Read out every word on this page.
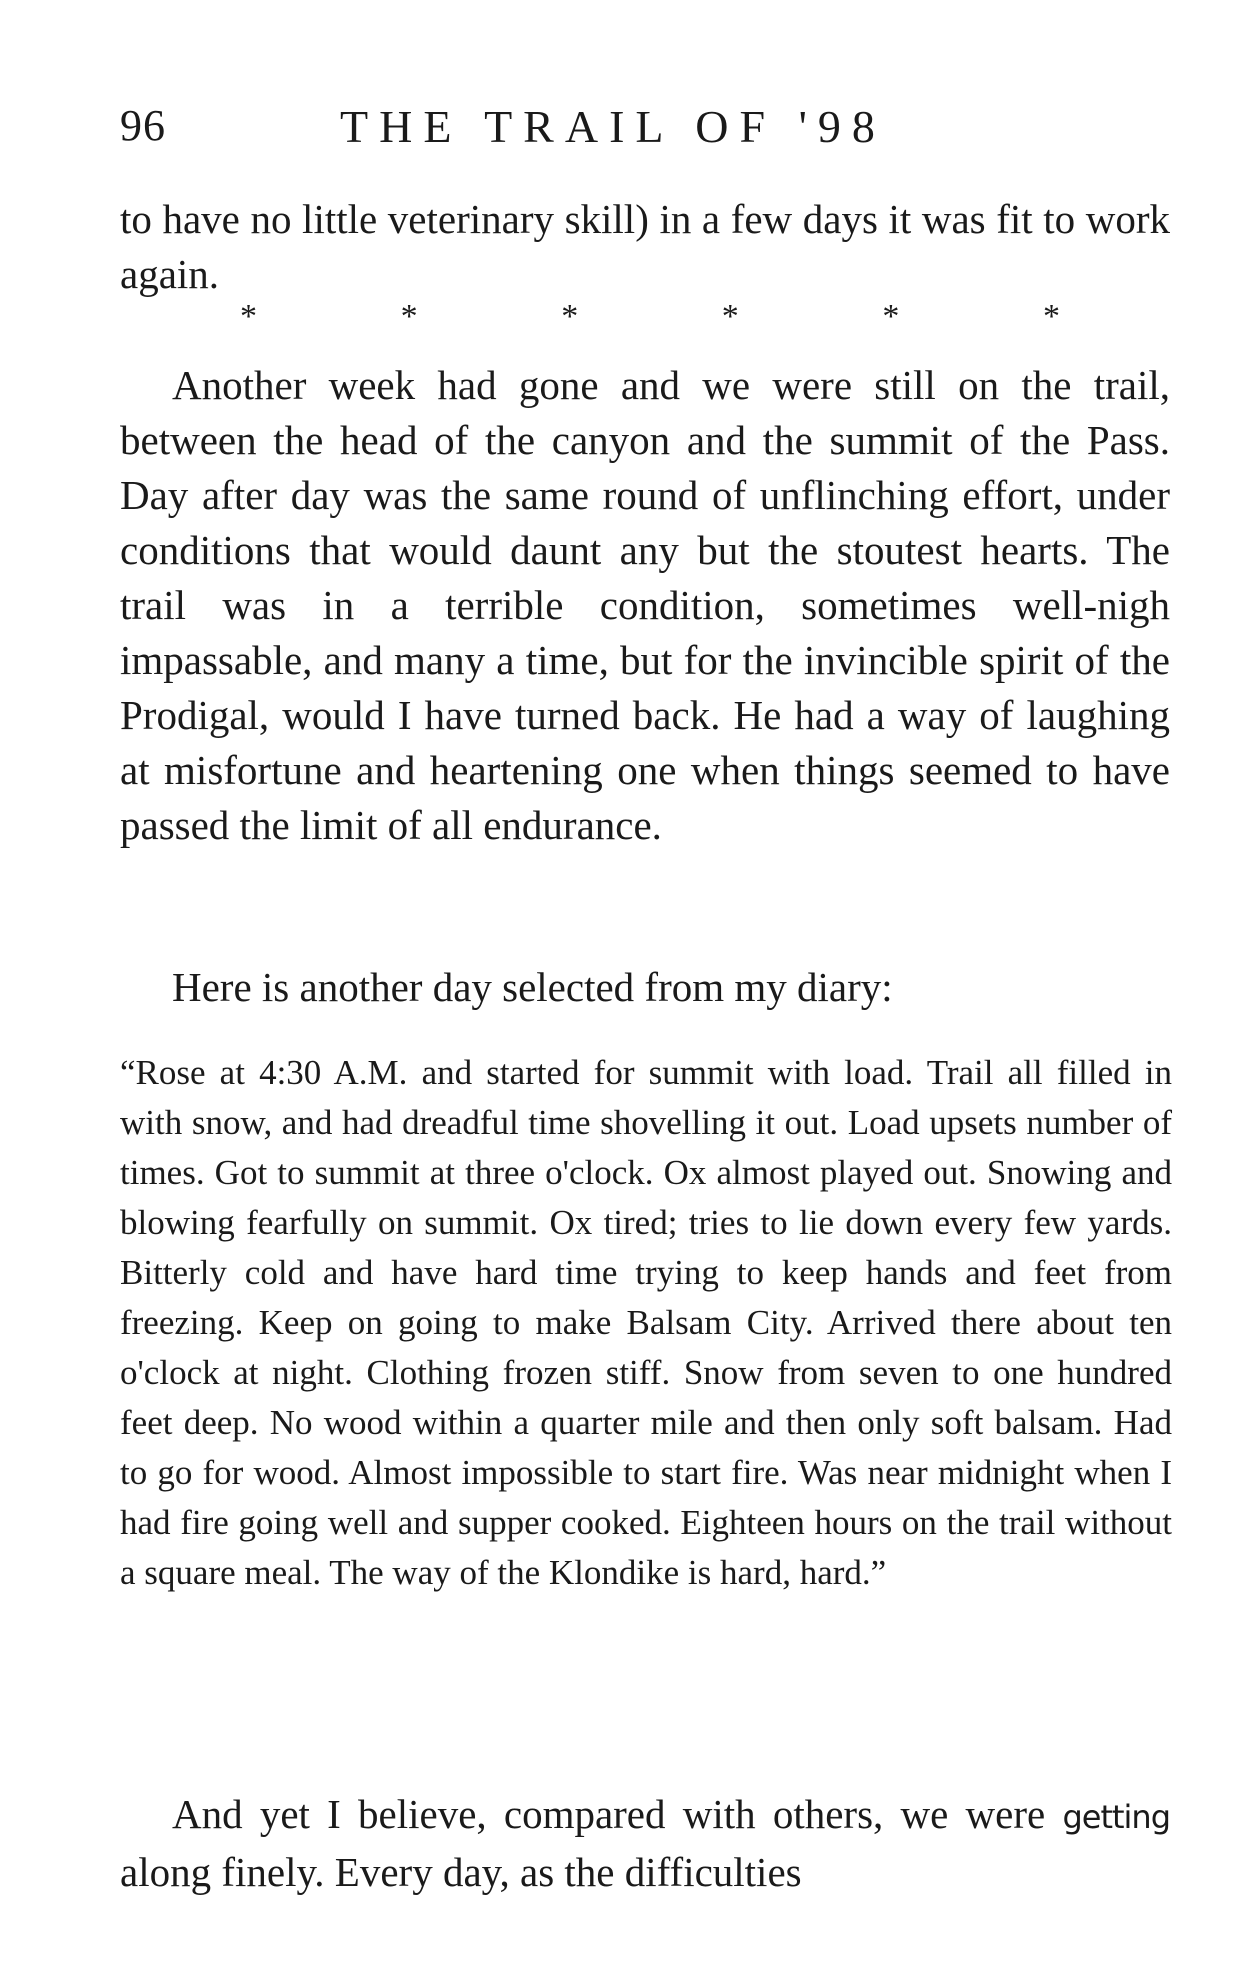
96	THE TRAIL OF '98

to have no little veterinary skill) in a few days it was fit to work again.

*	*	*	*	*	*

Another week had gone and we were still on the trail, between the head of the canyon and the summit of the Pass. Day after day was the same round of unflinching effort, under conditions that would daunt any but the stoutest hearts. The trail was in a terrible condition, sometimes well-nigh impassable, and many a time, but for the invincible spirit of the Prodigal, would I have turned back. He had a way of laughing at misfortune and heartening one when things seemed to have passed the limit of all endurance.

Here is another day selected from my diary:

“Rose at 4:30 A.M. and started for summit with load. Trail all filled in with snow, and had dreadful time shovelling it out. Load upsets number of times. Got to summit at three o'clock. Ox almost played out. Snowing and blowing fearfully on summit. Ox tired; tries to lie down every few yards. Bitterly cold and have hard time trying to keep hands and feet from freezing. Keep on going to make Balsam City. Arrived there about ten o'clock at night. Clothing frozen stiff. Snow from seven to one hundred feet deep. No wood within a quarter mile and then only soft balsam. Had to go for wood. Almost impossible to start fire. Was near midnight when I had fire going well and supper cooked. Eighteen hours on the trail without a square meal. The way of the Klondike is hard, hard.”

And yet I believe, compared with others, we were getting along finely. Every day, as the difficulties
